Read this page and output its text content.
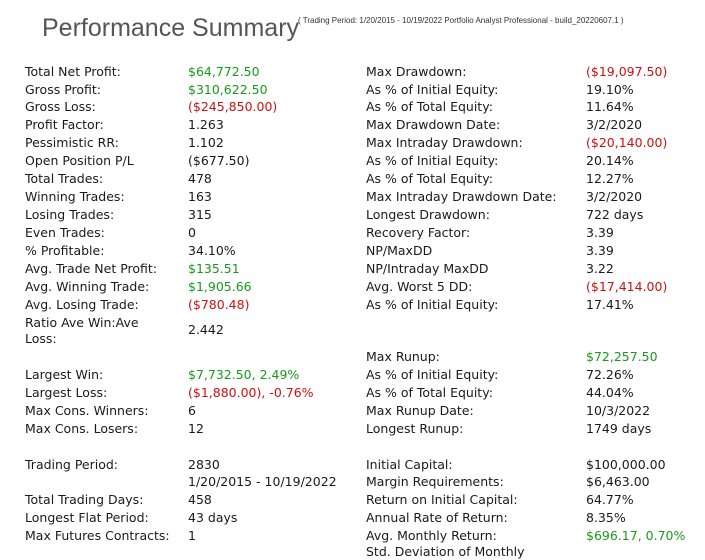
Performance Summary
( Trading Period: 1/20/2015 - 10/19/2022 Portfolio Analyst Professional - build_20220607.1 )
Total Net Profit:	$64,772.50
Gross Profit:	$310,622.50
Gross Loss:	($245,850.00)
Profit Factor:	1.263
Pessimistic RR:	1.102
Open Position P/L	($677.50)
Total Trades:	478
Winning Trades:	163
Losing Trades:	315
Even Trades:	0
% Profitable:	34.10%
Avg. Trade Net Profit: $135.51
Avg. Winning Trade:	$1,905.66
Avg. Losing Trade:	($780.48)
Ratio Ave Win:Ave Loss:
2.442
Largest Win:	$7,732.50, 2.49%
Largest Loss:	($1,880.00), -0.76%
Max Cons. Winners:	6
Max Cons. Losers:	12
Trading Period:	2830
1/20/2015 - 10/19/2022
Total Trading Days:	458
Longest Flat Period:	43 days
Max Futures Contracts: 1
Max Drawdown:	($19,097.50)
As % of Initial Equity:	19.10%
As % of Total Equity:	11.64%
Max Drawdown Date:	3/2/2020
Max Intraday Drawdown:	($20,140.00)
As % of Initial Equity:	20.14%
As % of Total Equity:	12.27%
Max Intraday Drawdown Date: 3/2/2020
Longest Drawdown:	722 days
Recovery Factor:	3.39
NP/MaxDD	3.39
NP/Intraday MaxDD	3.22
Avg. Worst 5 DD:	($17,414.00)
As % of Initial Equity:	17.41%
Max Runup:	$72,257.50
As % of Initial Equity:	72.26%
As % of Total Equity:	44.04%
Max Runup Date:	10/3/2022
Longest Runup:	1749 days
Initial Capital:	$100,000.00
Margin Requirements:	$6,463.00
Return on Initial Capital:	64.77%
Annual Rate of Return:	8.35%
Avg. Monthly Return:	$696.17, 0.70%
Std. Deviation of Monthly
